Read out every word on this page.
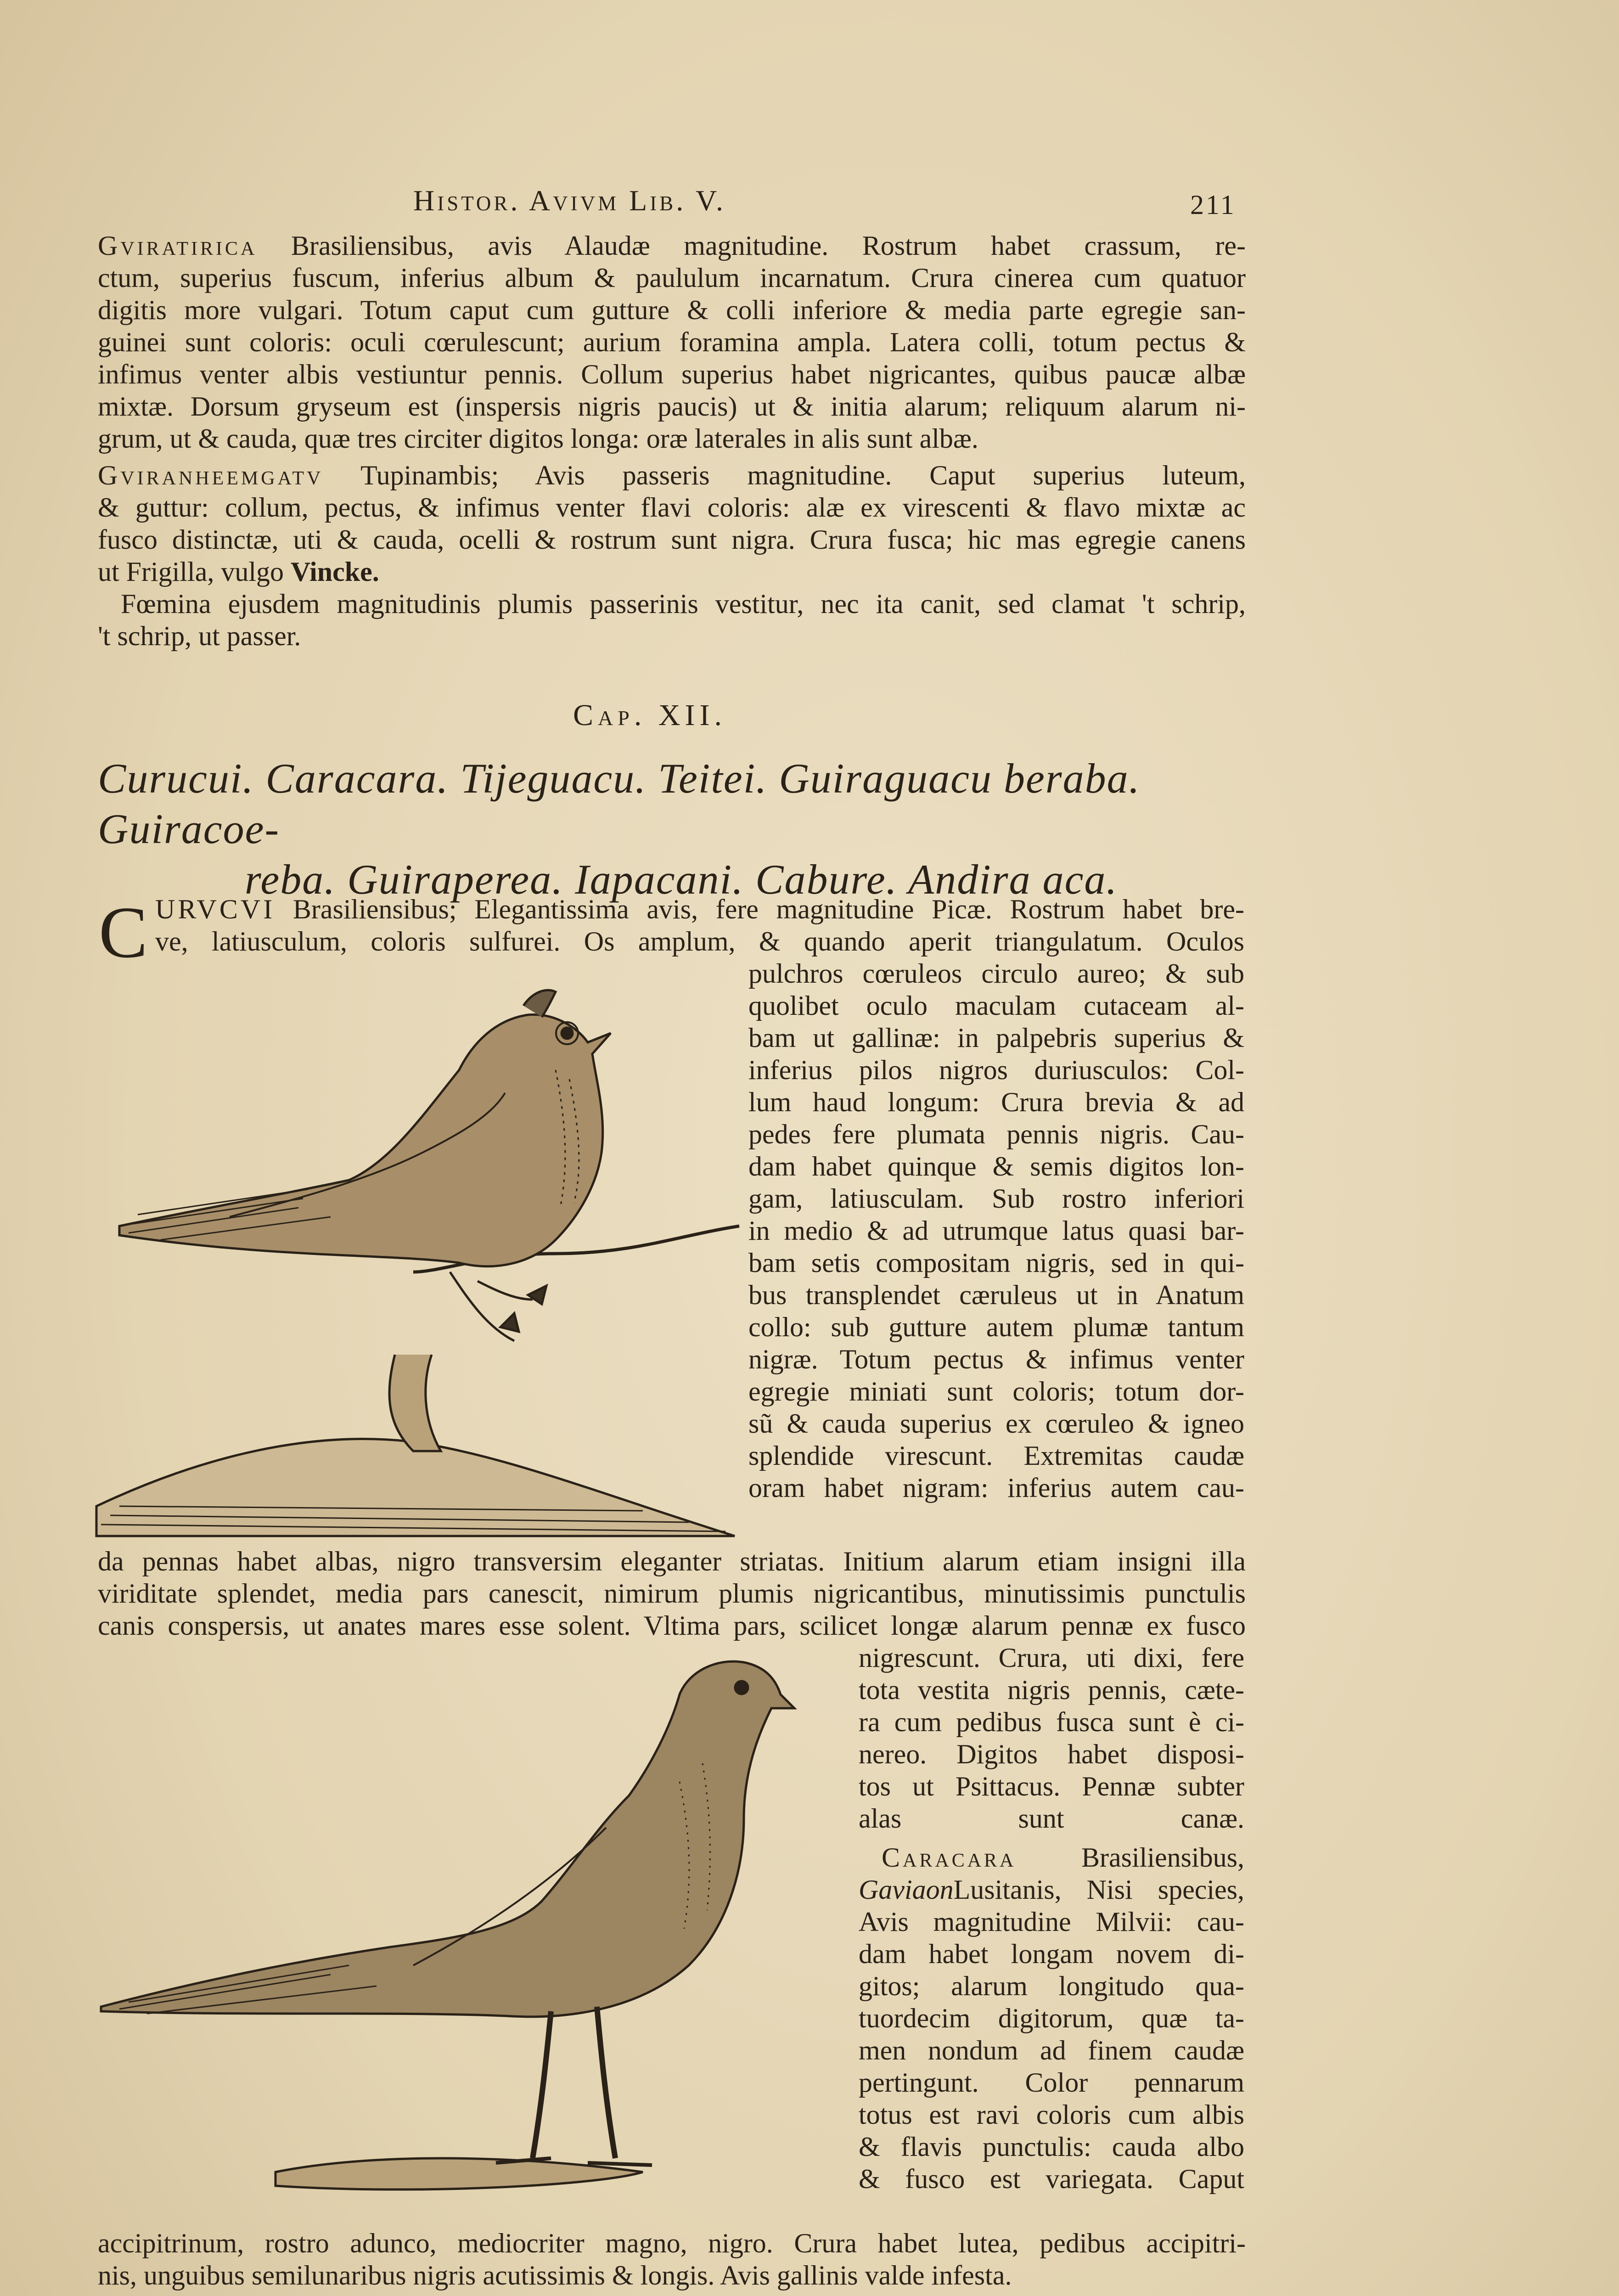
Histor. Avivm Lib. V.	211
Gviratirica Brasiliensibus, avis Alaudæ magnitudine. Rostrum habet crassum, re-
ctum, superius fuscum, inferius album & paululum incarnatum. Crura cinerea cum quatuor
digitis more vulgari. Totum caput cum gutture & colli inferiore & media parte egregie san-
guinei sunt coloris: oculi cœrulescunt; aurium foramina ampla. Latera colli, totum pectus &
infimus venter albis vestiuntur pennis. Collum superius habet nigricantes, quibus paucæ albæ
mixtæ. Dorsum gryseum est (inspersis nigris paucis) ut & initia alarum; reliquum alarum ni-
grum, ut & cauda, quæ tres circiter digitos longa: oræ laterales in alis sunt albæ.
Gviranheemgatv Tupinambis; Avis passeris magnitudine. Caput superius luteum,
& guttur: collum, pectus, & infimus venter flavi coloris: alæ ex virescenti & flavo mixtæ ac
fusco distinctæ, uti & cauda, ocelli & rostrum sunt nigra. Crura fusca; hic mas egregie canens
ut Frigilla, vulgo Vincke.
Fœmina ejusdem magnitudinis plumis passerinis vestitur, nec ita canit, sed clamat 't schrip,
't schrip, ut passer.
Cap. XII.
Curucui. Caracara. Tijeguacu. Teitei. Guiraguacu beraba. Guiracoe-
reba. Guiraperea. Iapacani. Cabure. Andira aca.
C URVCVI Brasiliensibus; Elegantissima avis, fere magnitudine Picæ. Rostrum habet bre-
ve, latiusculum, coloris sulfurei. Os amplum, & quando aperit triangulatum. Oculos
pulchros cœruleos circulo aureo; & sub
quolibet oculo maculam cutaceam al-
bam ut gallinæ: in palpebris superius &
inferius pilos nigros duriusculos: Col-
lum haud longum: Crura brevia & ad
pedes fere plumata pennis nigris. Cau-
dam habet quinque & semis digitos lon-
gam, latiusculam. Sub rostro inferiori
in medio & ad utrumque latus quasi bar-
bam setis compositam nigris, sed in qui-
bus transplendet cæruleus ut in Anatum
collo: sub gutture autem plumæ tantum
nigræ. Totum pectus & infimus venter
egregie miniati sunt coloris; totum dor-
sũ & cauda superius ex cœruleo & igneo
splendide virescunt. Extremitas caudæ
oram habet nigram: inferius autem cau-
da pennas habet albas, nigro transversim eleganter striatas. Initium alarum etiam insigni illa
viriditate splendet, media pars canescit, nimirum plumis nigricantibus, minutissimis punctulis
canis conspersis, ut anates mares esse solent. Vltima pars, scilicet longæ alarum pennæ ex fusco
nigrescunt. Crura, uti dixi, fere
tota vestita nigris pennis, cæte-
ra cum pedibus fusca sunt è ci-
nereo. Digitos habet disposi-
tos ut Psittacus. Pennæ subter
alas sunt canæ.
Caracara Brasiliensibus,
GaviaonLusitanis, Nisi species,
Avis magnitudine Milvii: cau-
dam habet longam novem di-
gitos; alarum longitudo qua-
tuordecim digitorum, quæ ta-
men nondum ad finem caudæ
pertingunt. Color pennarum
totus est ravi coloris cum albis
& flavis punctulis: cauda albo
& fusco est variegata. Caput
accipitrinum, rostro adunco, mediocriter magno, nigro. Crura habet lutea, pedibus accipitri-
nis, unguibus semilunaribus nigris acutissimis & longis. Avis gallinis valde infesta.
